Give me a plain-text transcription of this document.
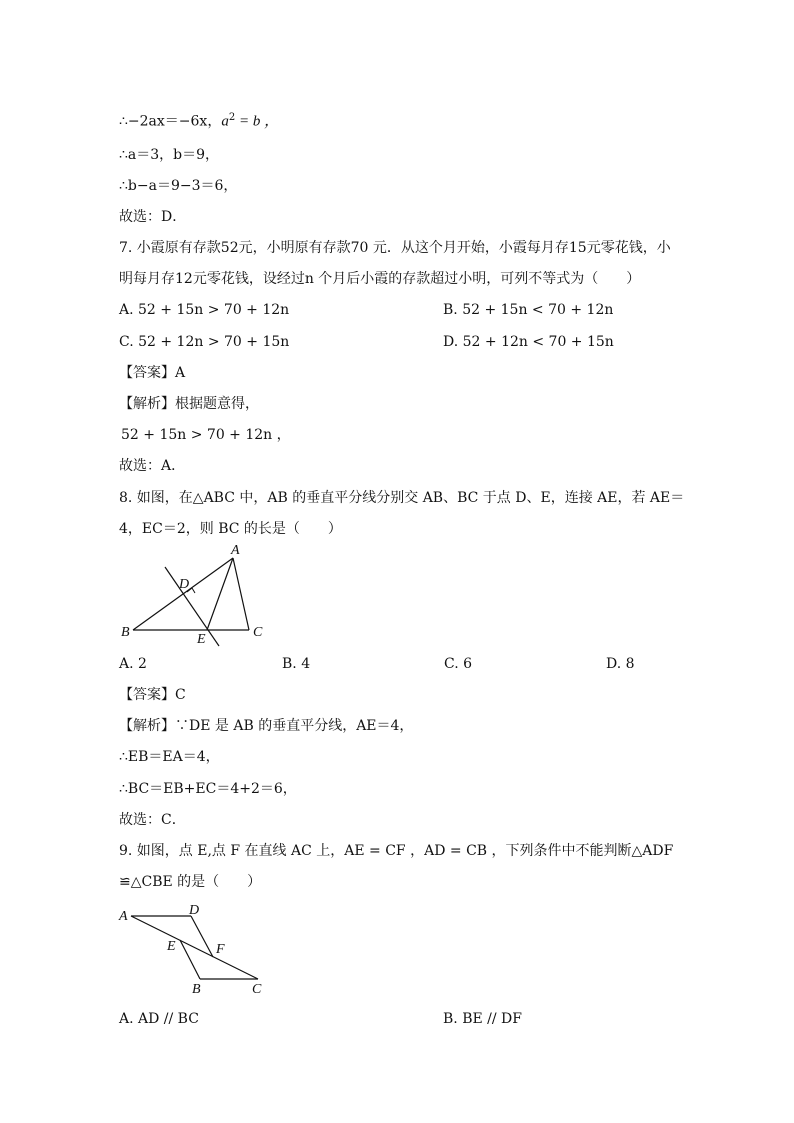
∴−2ax＝−6x，$a^2 = b$ ，
∴a＝3，b＝9，
∴b−a＝9−3＝6，
故选：D．
7. 小霞原有存款52元，小明原有存款70 元．从这个月开始，小霞每月存15元零花钱，小
明每月存12元零花钱，设经过n 个月后小霞的存款超过小明，可列不等式为（　　）
A. 52 + 15n > 70 + 12n	B. 52 + 15n < 70 + 12n
C. 52 + 12n > 70 + 15n	D. 52 + 12n < 70 + 15n
【答案】A
【解析】根据题意得，
52 + 15n > 70 + 12n ，
故选：A．
8. 如图，在△ABC 中，AB 的垂直平分线分别交 AB、BC 于点 D、E，连接 AE，若 AE＝
4，EC＝2，则 BC 的长是（　　）
A
B	C
D
E
A. 2	B. 4	C. 6	D. 8
【答案】C
【解析】∵DE 是 AB 的垂直平分线，AE＝4，
∴EB＝EA＝4，
∴BC＝EB+EC＝4+2＝6，
故选：C．
9. 如图，点 E,点 F 在直线 AC 上，AE = CF ，AD = CB ，下列条件中不能判断△ADF
≌△CBE 的是（　　）
A	D
E	F
B	C
A. AD // BC	B. BE // DF
